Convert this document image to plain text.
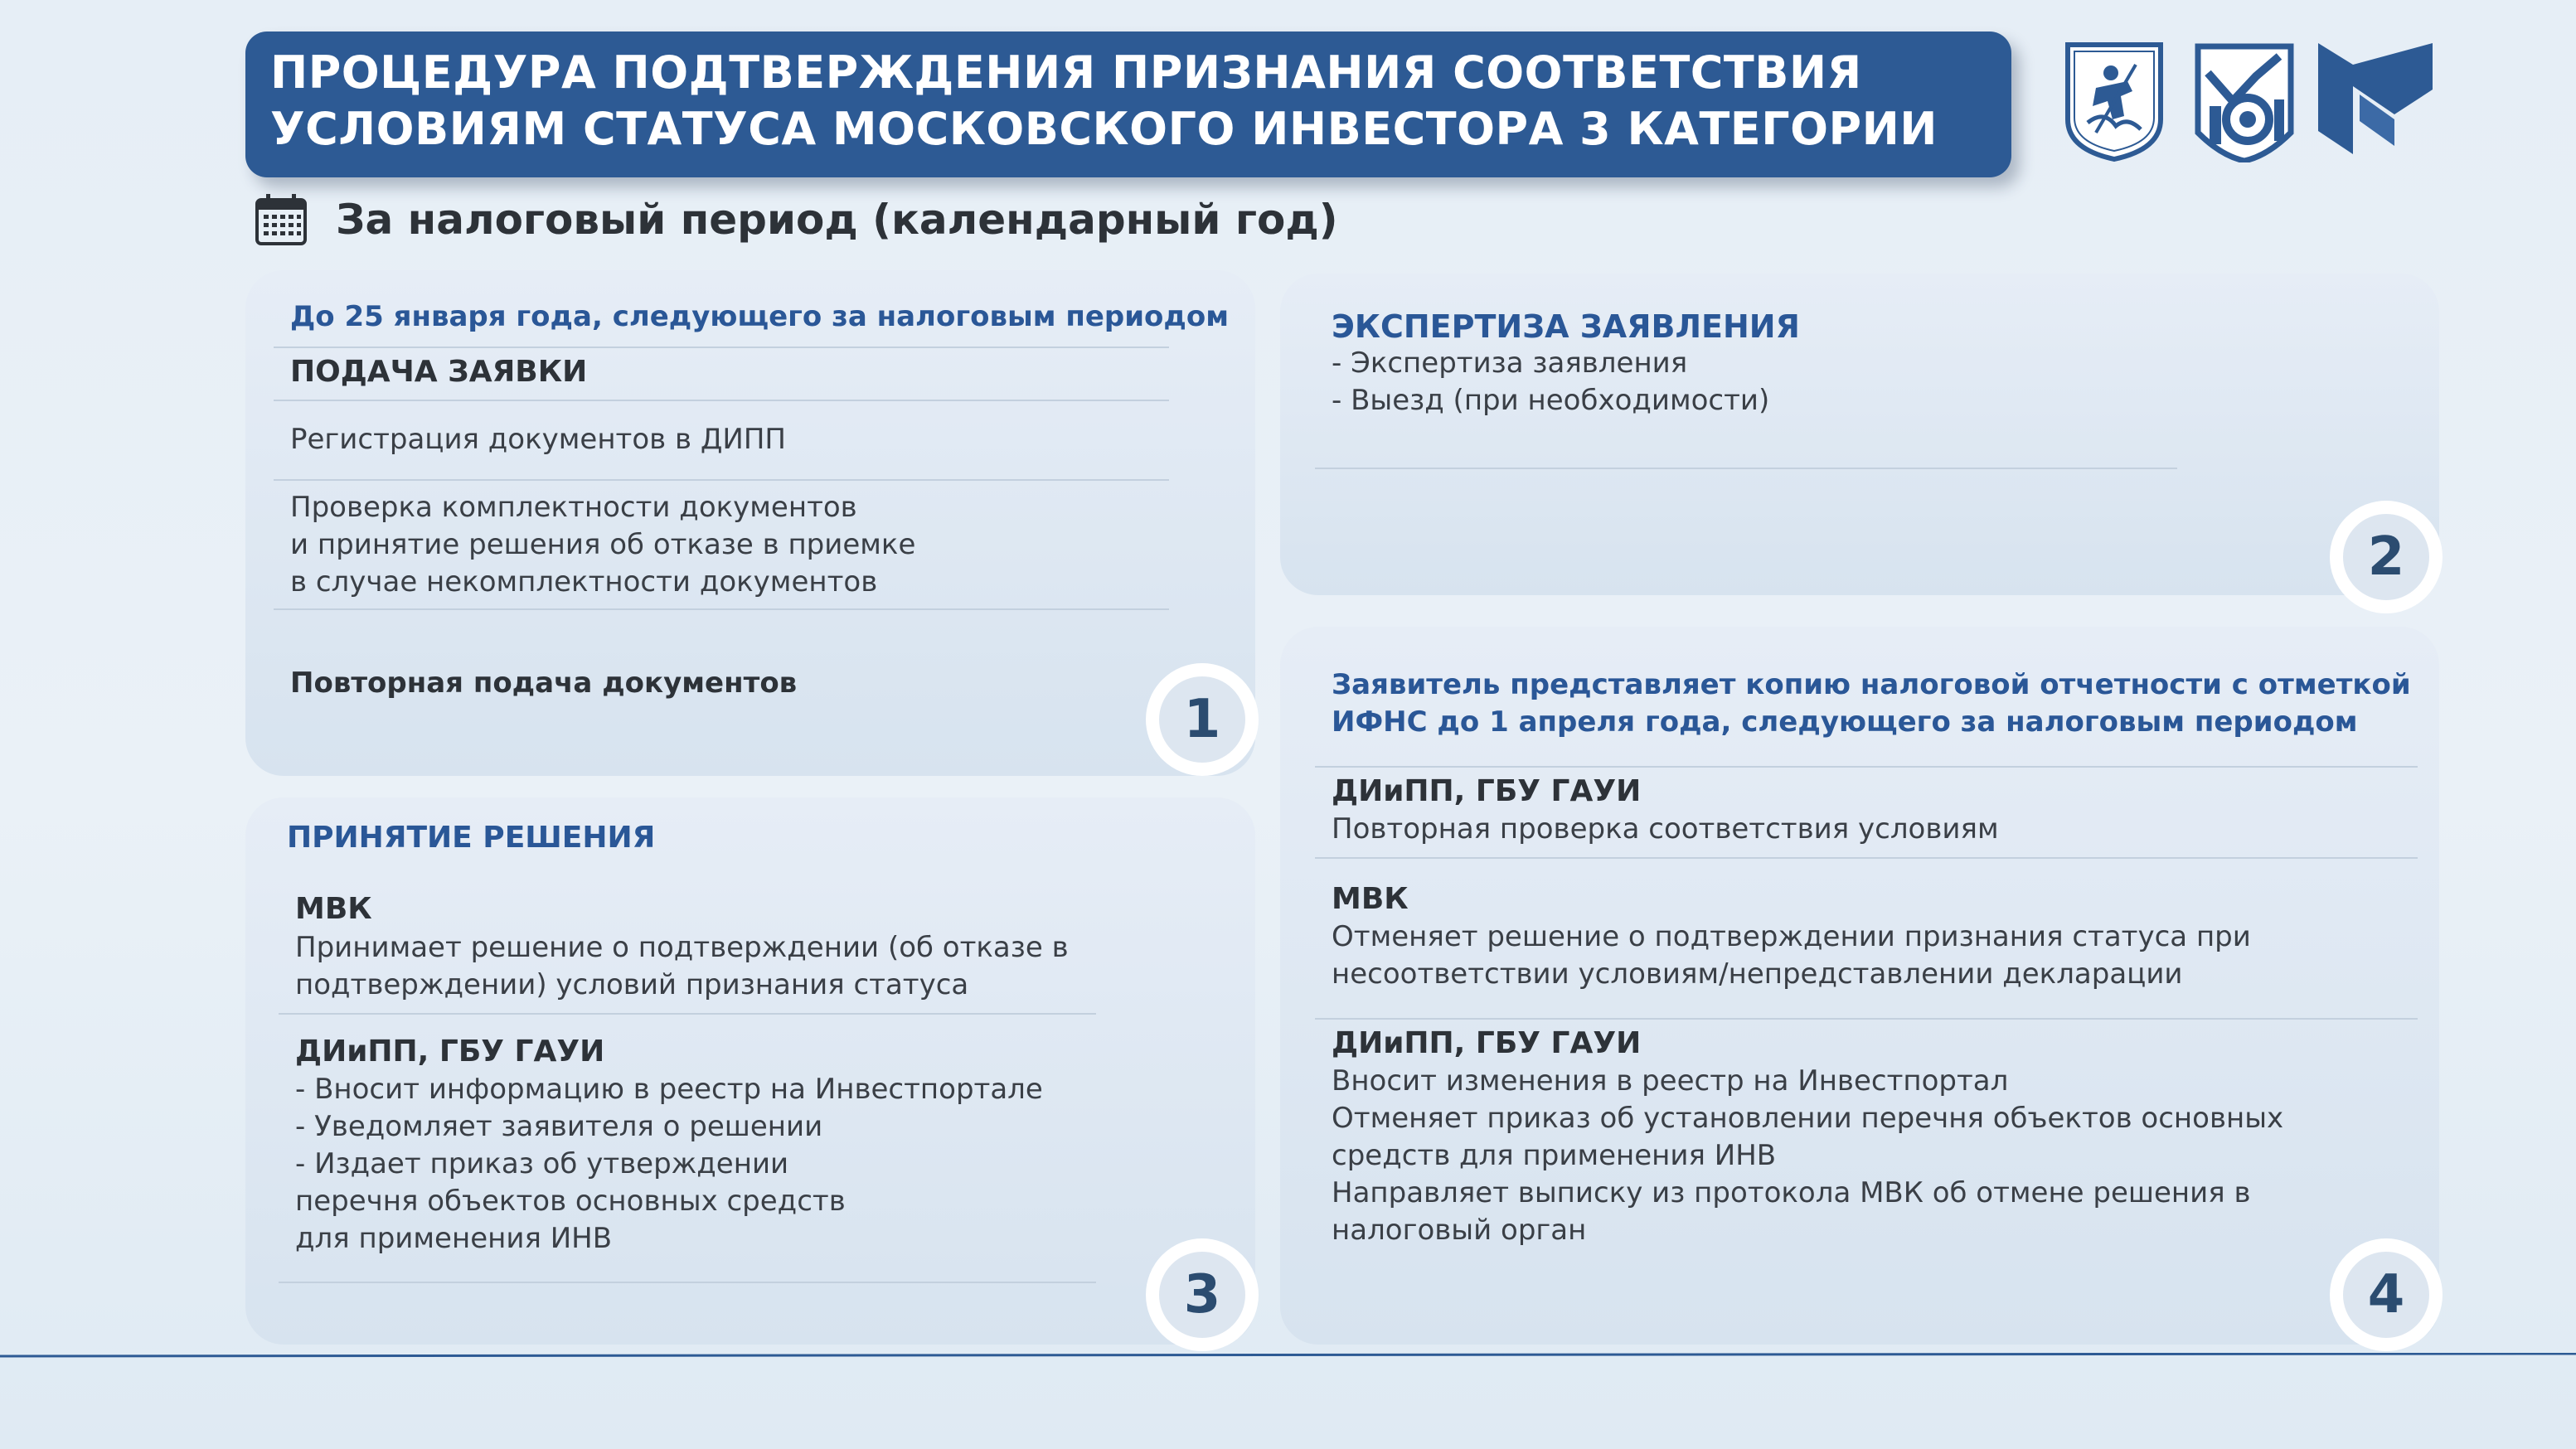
ПРОЦЕДУРА ПОДТВЕРЖДЕНИЯ ПРИЗНАНИЯ СООТВЕТСТВИЯ
УСЛОВИЯМ СТАТУСА МОСКОВСКОГО ИНВЕСТОРА 3 КАТЕГОРИИ
За налоговый период (календарный год)
До 25 января года, следующего за налоговым периодом
ПОДАЧА ЗАЯВКИ
Регистрация документов в ДИПП
Проверка комплектности документов
и принятие решения об отказе в приемке
в случае некомплектности документов
Повторная подача документов
1
ЭКСПЕРТИЗА ЗАЯВЛЕНИЯ
- Экспертиза заявления
- Выезд (при необходимости)
2
ПРИНЯТИЕ РЕШЕНИЯ
МВК
Принимает решение о подтверждении (об отказе в
подтверждении) условий признания статуса
ДИиПП, ГБУ ГАУИ
- Вносит информацию в реестр на Инвестпортале
- Уведомляет заявителя о решении
- Издает приказ об утверждении
перечня объектов основных средств
для применения ИНВ
3
Заявитель представляет копию налоговой отчетности с отметкой
ИФНС до 1 апреля года, следующего за налоговым периодом
ДИиПП, ГБУ ГАУИ
Повторная проверка соответствия условиям
МВК
Отменяет решение о подтверждении признания статуса при
несоответствии условиям/непредставлении декларации
ДИиПП, ГБУ ГАУИ
Вносит изменения в реестр на Инвестпортал
Отменяет приказ об установлении перечня объектов основных
средств для применения ИНВ
Направляет выписку из протокола МВК об отмене решения в
налоговый орган
4
